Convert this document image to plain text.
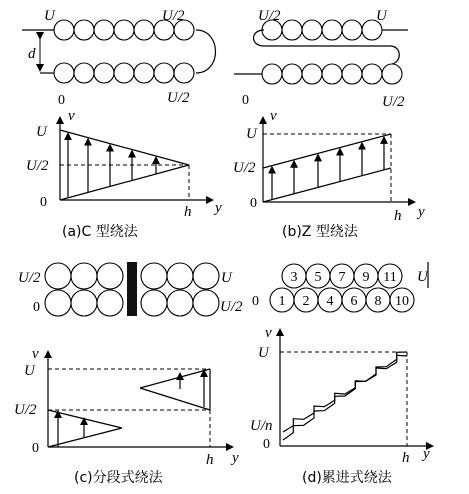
d
U	U/2
U/2
0
v
y
U
U/2
0
h
(a)C 型绕法
U/2	U
0	U/2
v
y
U
U/2
0
h
(b)Z 型绕法
U/2
0
U
U/2
v
y
U
U/2
0
h
(c)分段式绕法
3 5 7 9 11
1 2 4 6 8 10
U
0
v
y
U
U/n
0
h
(d)累进式绕法
